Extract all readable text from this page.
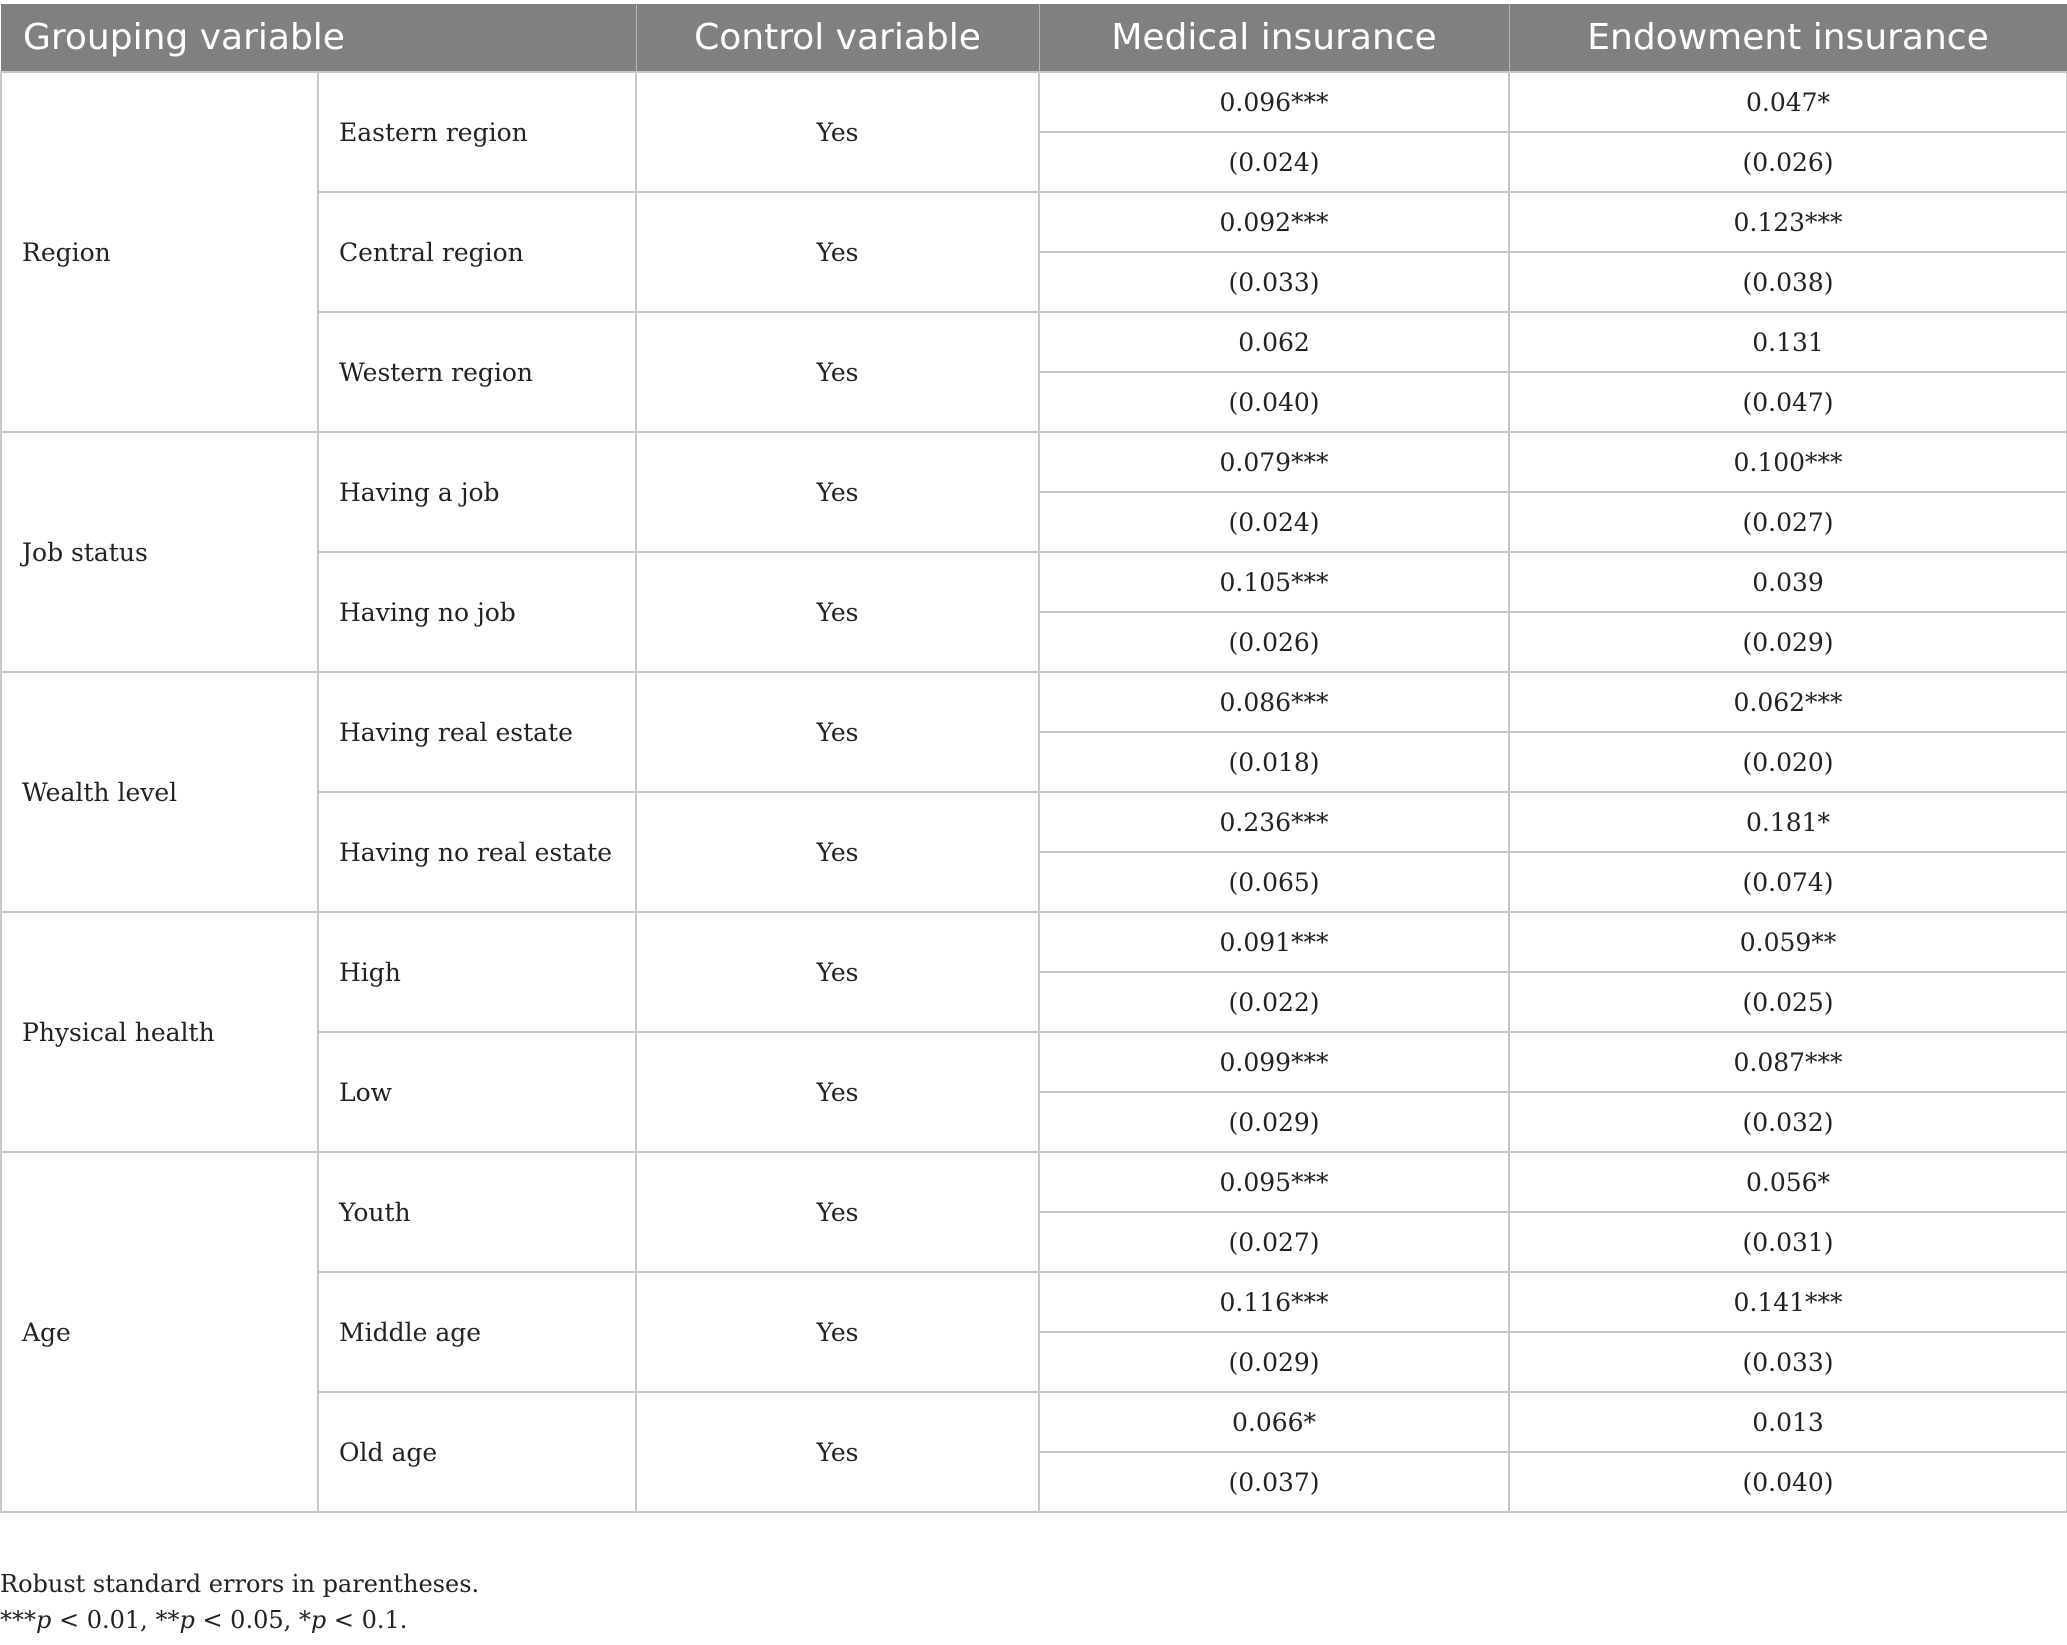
Grouping variable		Control variable	Medical insurance	Endowment insurance
Region	Eastern region	Yes	0.096***	0.047*
			(0.024)	(0.026)
	Central region	Yes	0.092***	0.123***
			(0.033)	(0.038)
	Western region	Yes	0.062	0.131
			(0.040)	(0.047)
Job status	Having a job	Yes	0.079***	0.100***
			(0.024)	(0.027)
	Having no job	Yes	0.105***	0.039
			(0.026)	(0.029)
Wealth level	Having real estate	Yes	0.086***	0.062***
			(0.018)	(0.020)
	Having no real estate	Yes	0.236***	0.181*
			(0.065)	(0.074)
Physical health	High	Yes	0.091***	0.059**
			(0.022)	(0.025)
	Low	Yes	0.099***	0.087***
			(0.029)	(0.032)
Age	Youth	Yes	0.095***	0.056*
			(0.027)	(0.031)
	Middle age	Yes	0.116***	0.141***
			(0.029)	(0.033)
	Old age	Yes	0.066*	0.013
			(0.037)	(0.040)

Robust standard errors in parentheses.

***p < 0.01, **p < 0.05, *p < 0.1.
